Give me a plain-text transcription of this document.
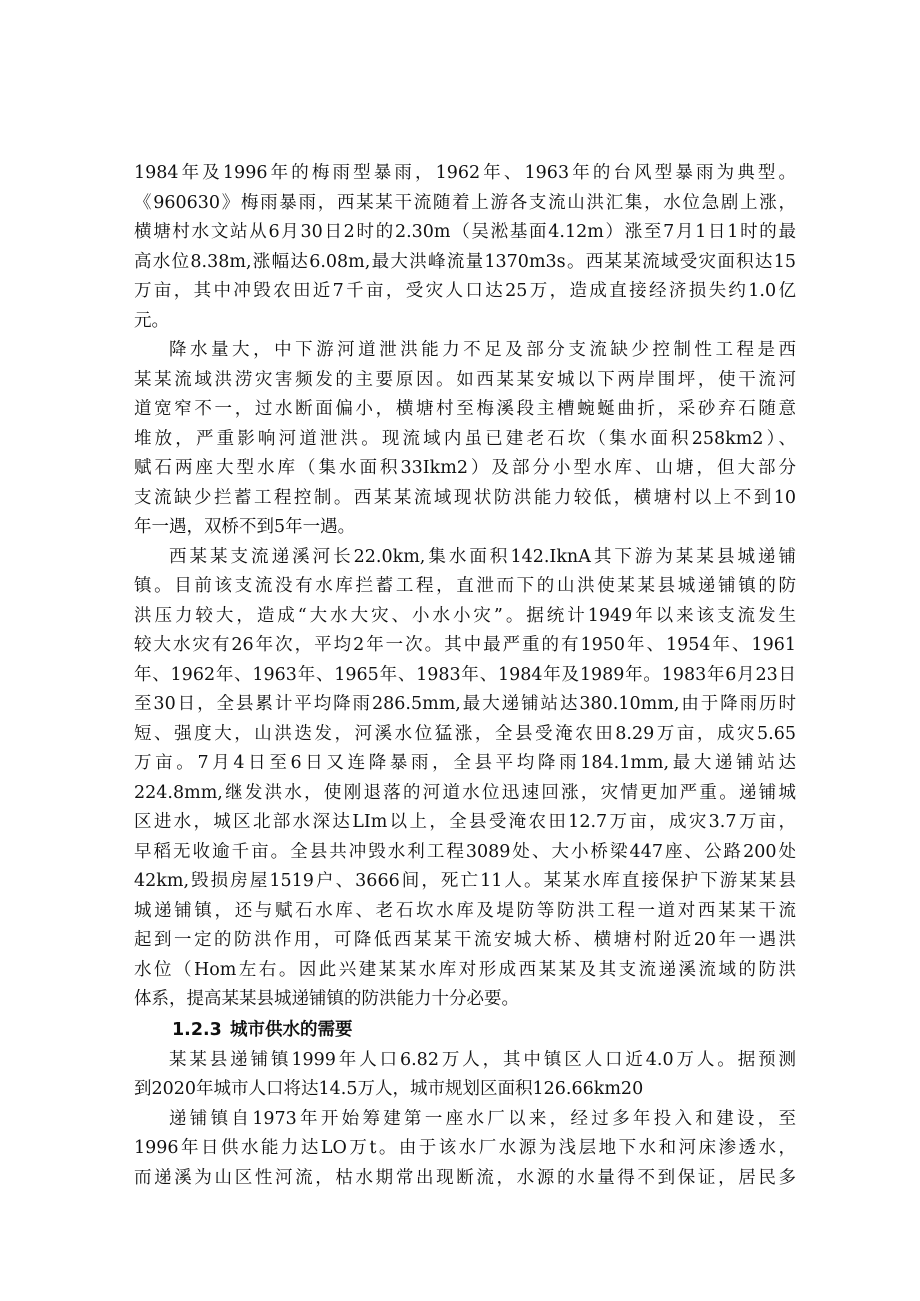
1984年及1996年的梅雨型暴雨，1962年、1963年的台风型暴雨为典型。
《960630》梅雨暴雨，西某某干流随着上游各支流山洪汇集，水位急剧上涨，
横塘村水文站从6月30日2时的2.30m（吴淞基面4.12m）涨至7月1日1时的最
高水位8.38m,涨幅达6.08m,最大洪峰流量1370m3s。西某某流域受灾面积达15
万亩，其中冲毁农田近7千亩，受灾人口达25万，造成直接经济损失约1.0亿
元。
降水量大，中下游河道泄洪能力不足及部分支流缺少控制性工程是西
某某流域洪涝灾害频发的主要原因。如西某某安城以下两岸围坪，使干流河
道宽窄不一，过水断面偏小，横塘村至梅溪段主槽蜿蜒曲折，采砂弃石随意
堆放，严重影响河道泄洪。现流域内虽已建老石坎（集水面积258km2）、
赋石两座大型水库（集水面积33Ikm2）及部分小型水库、山塘，但大部分
支流缺少拦蓄工程控制。西某某流域现状防洪能力较低，横塘村以上不到10
年一遇，双桥不到5年一遇。
西某某支流递溪河长22.0km,集水面积142.IknA其下游为某某县城递铺
镇。目前该支流没有水库拦蓄工程，直泄而下的山洪使某某县城递铺镇的防
洪压力较大，造成“大水大灾、小水小灾”。据统计1949年以来该支流发生
较大水灾有26年次，平均2年一次。其中最严重的有1950年、1954年、1961
年、1962年、1963年、1965年、1983年、1984年及1989年。1983年6月23日
至30日，全县累计平均降雨286.5mm,最大递铺站达380.10mm,由于降雨历时
短、强度大，山洪迭发，河溪水位猛涨，全县受淹农田8.29万亩，成灾5.65
万亩。7月4日至6日又连降暴雨，全县平均降雨184.1mm,最大递铺站达
224.8mm,继发洪水，使刚退落的河道水位迅速回涨，灾情更加严重。递铺城
区进水，城区北部水深达LIm以上，全县受淹农田12.7万亩，成灾3.7万亩，
早稻无收逾千亩。全县共冲毁水利工程3089处、大小桥梁447座、公路200处
42km,毁损房屋1519户、3666间，死亡11人。某某水库直接保护下游某某县
城递铺镇，还与赋石水库、老石坎水库及堤防等防洪工程一道对西某某干流
起到一定的防洪作用，可降低西某某干流安城大桥、横塘村附近20年一遇洪
水位（Hom左右。因此兴建某某水库对形成西某某及其支流递溪流域的防洪
体系，提高某某县城递铺镇的防洪能力十分必要。
1.2.3 城市供水的需要
某某县递铺镇1999年人口6.82万人，其中镇区人口近4.0万人。据预测
到2020年城市人口将达14.5万人，城市规划区面积126.66km20
递铺镇自1973年开始筹建第一座水厂以来，经过多年投入和建设，至
1996年日供水能力达LO万t。由于该水厂水源为浅层地下水和河床渗透水，
而递溪为山区性河流，枯水期常出现断流，水源的水量得不到保证，居民多
